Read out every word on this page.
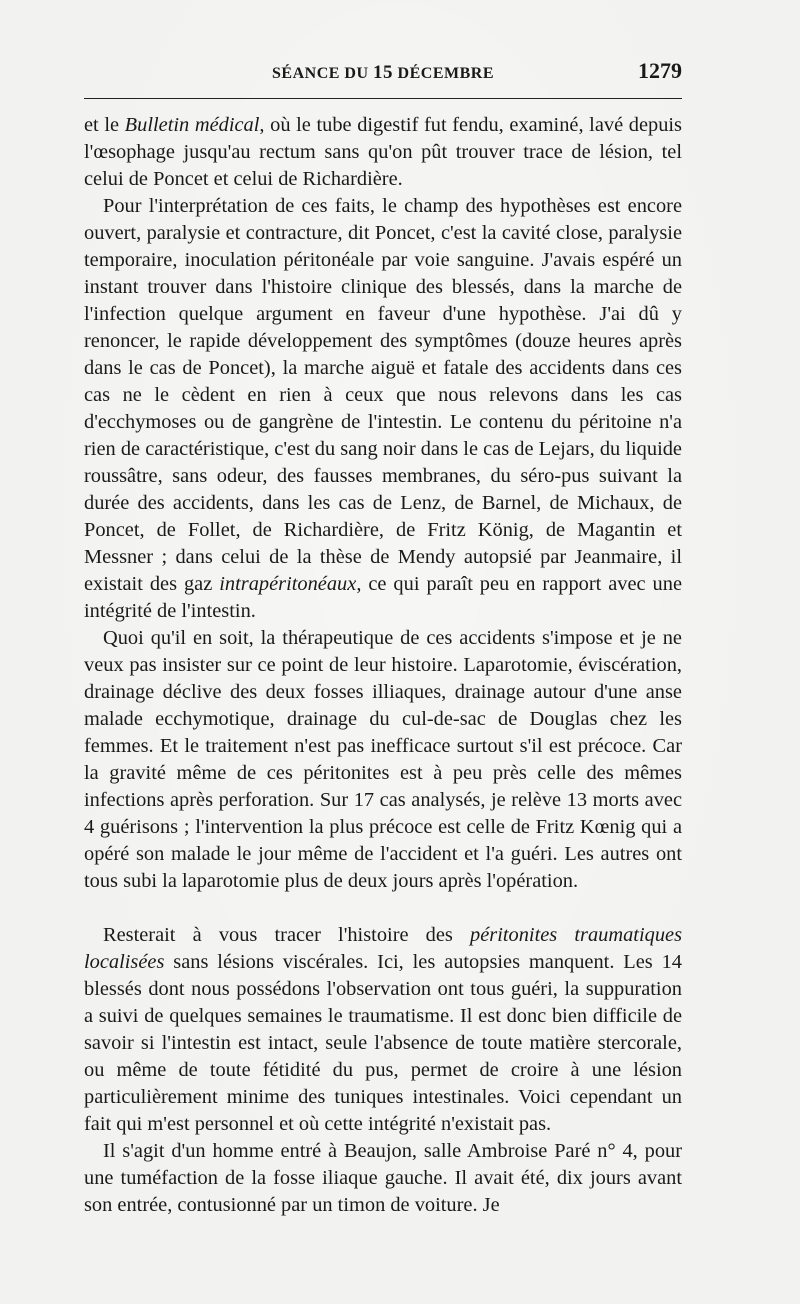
SÉANCE DU 15 DÉCEMBRE	1279

et le Bulletin médical, où le tube digestif fut fendu, examiné, lavé depuis l'œsophage jusqu'au rectum sans qu'on pût trouver trace de lésion, tel celui de Poncet et celui de Richardière.

Pour l'interprétation de ces faits, le champ des hypothèses est encore ouvert, paralysie et contracture, dit Poncet, c'est la cavité close, paralysie temporaire, inoculation péritonéale par voie sanguine. J'avais espéré un instant trouver dans l'histoire clinique des blessés, dans la marche de l'infection quelque argument en faveur d'une hypothèse. J'ai dû y renoncer, le rapide développement des symptômes (douze heures après dans le cas de Poncet), la marche aiguë et fatale des accidents dans ces cas ne le cèdent en rien à ceux que nous relevons dans les cas d'ecchymoses ou de gangrène de l'intestin. Le contenu du péritoine n'a rien de caractéristique, c'est du sang noir dans le cas de Lejars, du liquide roussâtre, sans odeur, des fausses membranes, du séro-pus suivant la durée des accidents, dans les cas de Lenz, de Barnel, de Michaux, de Poncet, de Follet, de Richardière, de Fritz König, de Magantin et Messner ; dans celui de la thèse de Mendy autopsié par Jeanmaire, il existait des gaz intrapéritonéaux, ce qui paraît peu en rapport avec une intégrité de l'intestin.

Quoi qu'il en soit, la thérapeutique de ces accidents s'impose et je ne veux pas insister sur ce point de leur histoire. Laparotomie, éviscération, drainage déclive des deux fosses illiaques, drainage autour d'une anse malade ecchymotique, drainage du cul-de-sac de Douglas chez les femmes. Et le traitement n'est pas inefficace surtout s'il est précoce. Car la gravité même de ces péritonites est à peu près celle des mêmes infections après perforation. Sur 17 cas analysés, je relève 13 morts avec 4 guérisons ; l'intervention la plus précoce est celle de Fritz Kœnig qui a opéré son malade le jour même de l'accident et l'a guéri. Les autres ont tous subi la laparotomie plus de deux jours après l'opération.

Resterait à vous tracer l'histoire des péritonites traumatiques localisées sans lésions viscérales. Ici, les autopsies manquent. Les 14 blessés dont nous possédons l'observation ont tous guéri, la suppuration a suivi de quelques semaines le traumatisme. Il est donc bien difficile de savoir si l'intestin est intact, seule l'absence de toute matière stercorale, ou même de toute fétidité du pus, permet de croire à une lésion particulièrement minime des tuniques intestinales. Voici cependant un fait qui m'est personnel et où cette intégrité n'existait pas.

Il s'agit d'un homme entré à Beaujon, salle Ambroise Paré n° 4, pour une tuméfaction de la fosse iliaque gauche. Il avait été, dix jours avant son entrée, contusionné par un timon de voiture. Je
